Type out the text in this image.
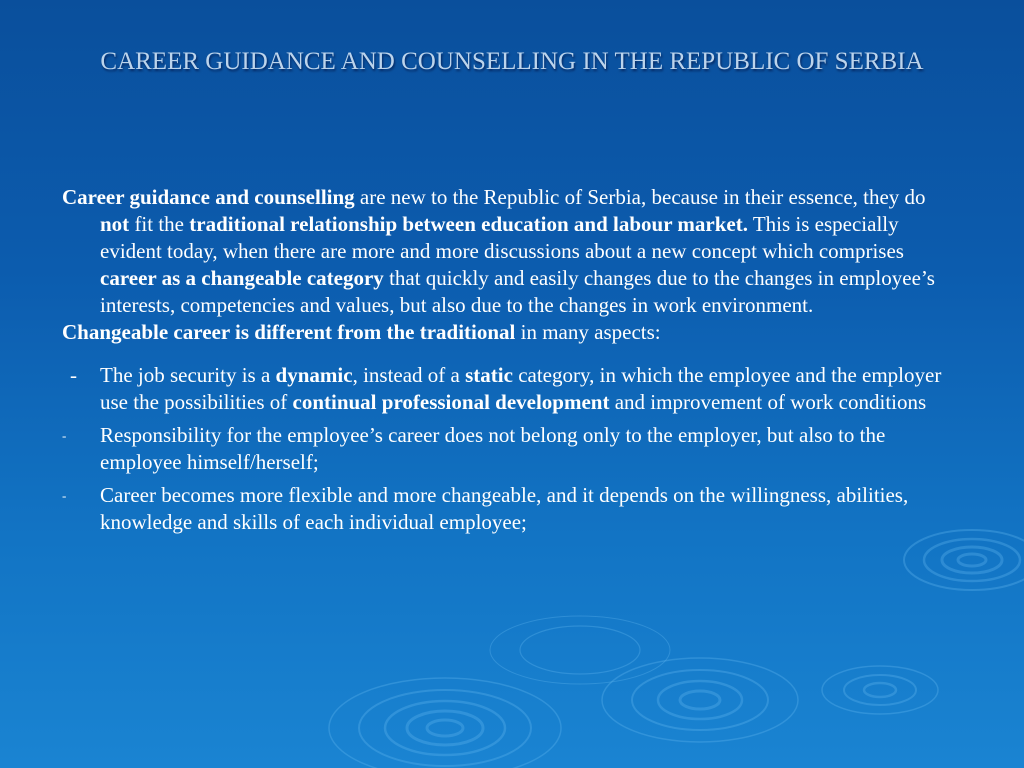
CAREER GUIDANCE AND COUNSELLING IN THE REPUBLIC OF SERBIA

Career guidance and counselling are new to the Republic of Serbia, because in their essence, they do not fit the traditional relationship between education and labour market. This is especially evident today, when there are more and more discussions about a new concept which comprises career as a changeable category that quickly and easily changes due to the changes in employee’s interests, competencies and values, but also due to the changes in work environment.

Changeable career is different from the traditional in many aspects:

-	The job security is a dynamic, instead of a static category, in which the employee and the employer use the possibilities of continual professional development and improvement of work conditions
-	Responsibility for the employee’s career does not belong only to the employer, but also to the employee himself/herself;
-	Career becomes more flexible and more changeable, and it depends on the willingness, abilities, knowledge and skills of each individual employee;
